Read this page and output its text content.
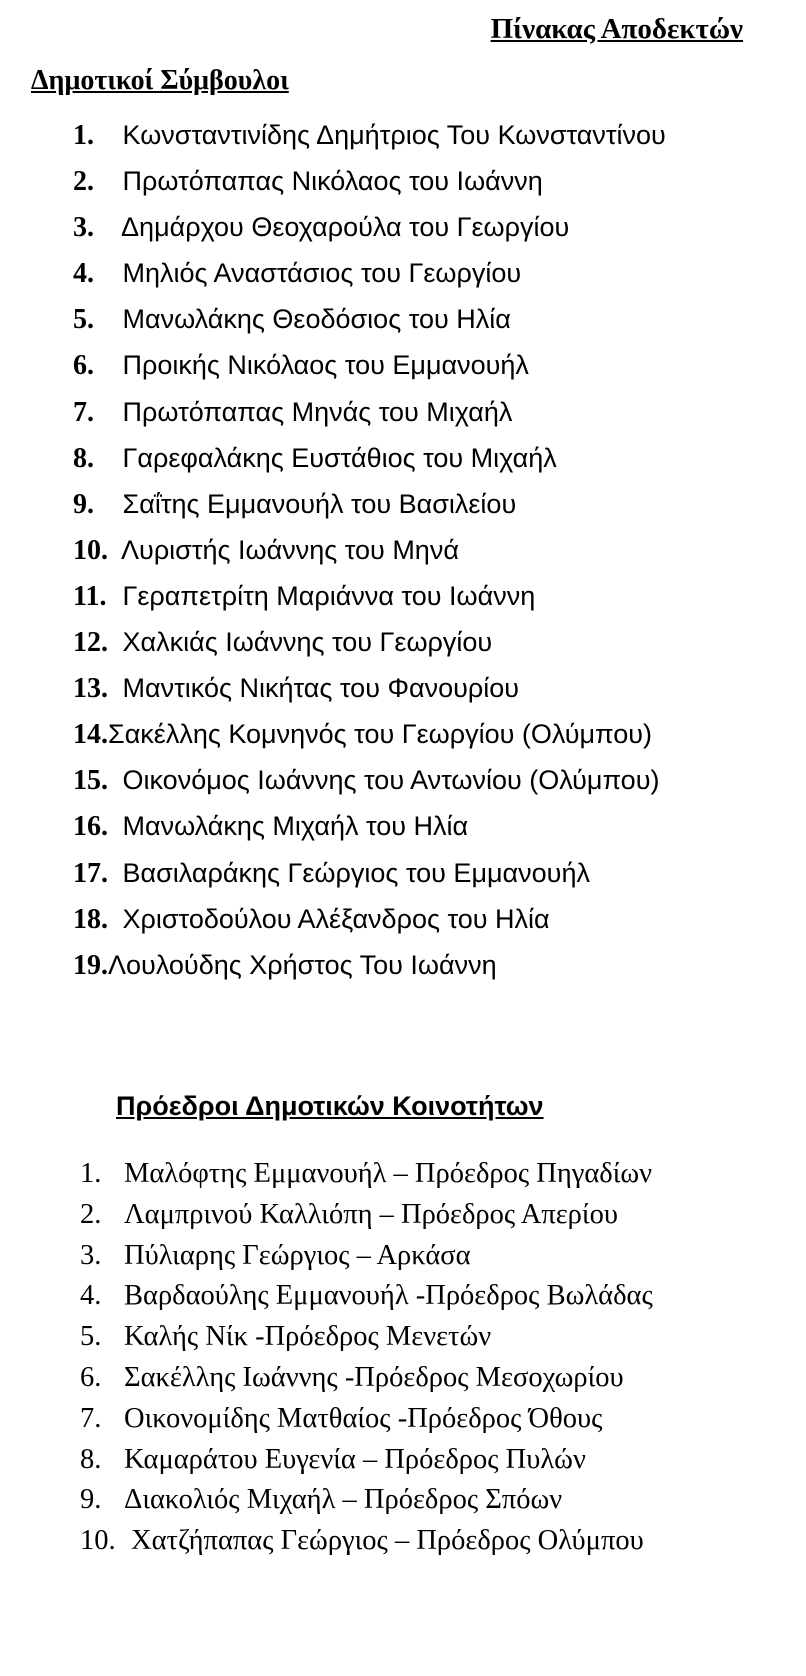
Πίνακας Αποδεκτών
Δημοτικοί Σύμβουλοι
1. Κωνσταντινίδης Δημήτριος Του Κωνσταντίνου
2. Πρωτόπαπας Νικόλαος του Ιωάννη
3. Δημάρχου Θεοχαρούλα του Γεωργίου
4. Μηλιός Αναστάσιος του Γεωργίου
5. Μανωλάκης Θεοδόσιος του Ηλία
6. Προικής Νικόλαος του Εμμανουήλ
7. Πρωτόπαπας Μηνάς του Μιχαήλ
8. Γαρεφαλάκης Ευστάθιος του Μιχαήλ
9. Σαΐτης Εμμανουήλ του Βασιλείου
10. Λυριστής Ιωάννης του Μηνά
11. Γεραπετρίτη Μαριάννα του Ιωάννη
12. Χαλκιάς Ιωάννης του Γεωργίου
13. Μαντικός Νικήτας του Φανουρίου
14.Σακέλλης Κομνηνός του Γεωργίου (Ολύμπου)
15. Οικονόμος Ιωάννης του Αντωνίου (Ολύμπου)
16. Μανωλάκης Μιχαήλ του Ηλία
17. Βασιλαράκης Γεώργιος του Εμμανουήλ
18. Χριστοδούλου Αλέξανδρος του Ηλία
19.Λουλούδης Χρήστος Του Ιωάννη
Πρόεδροι Δημοτικών Κοινοτήτων
1. Μαλόφτης Εμμανουήλ – Πρόεδρος Πηγαδίων
2. Λαμπρινού Καλλιόπη – Πρόεδρος Απερίου
3. Πύλιαρης Γεώργιος – Αρκάσα
4. Βαρδαούλης Εμμανουήλ -Πρόεδρος Βωλάδας
5. Καλής Νίκ -Πρόεδρος Μενετών
6. Σακέλλης Ιωάννης -Πρόεδρος Μεσοχωρίου
7. Οικονομίδης Ματθαίος -Πρόεδρος Όθους
8. Καμαράτου Ευγενία – Πρόεδρος Πυλών
9. Διακολιός Μιχαήλ – Πρόεδρος Σπόων
10. Χατζήπαπας Γεώργιος – Πρόεδρος Ολύμπου
